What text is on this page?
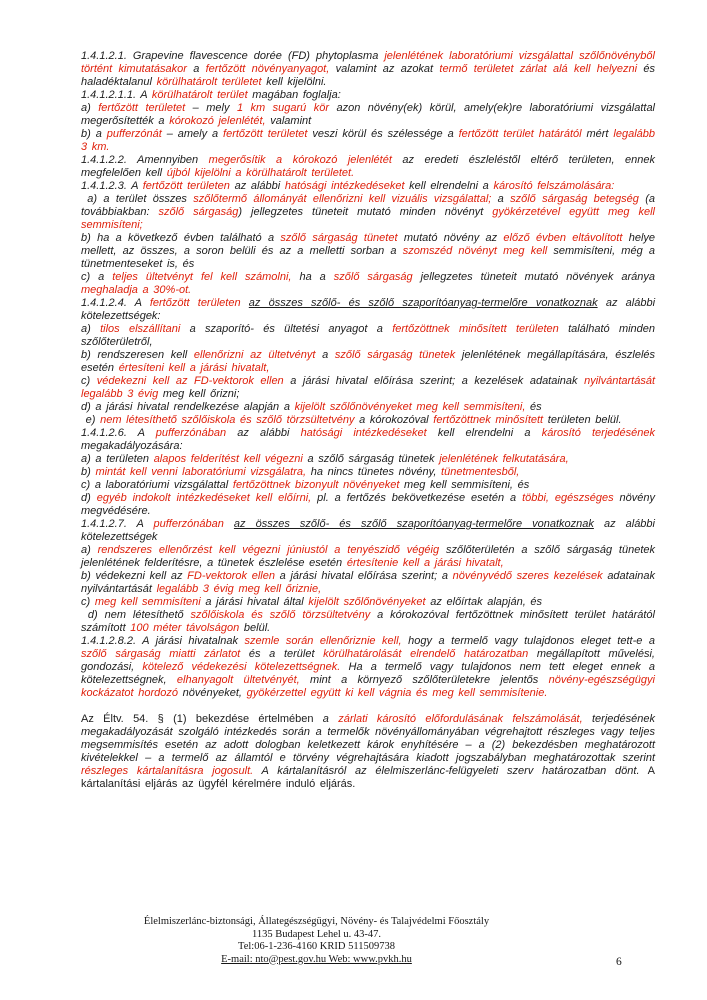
1.4.1.2.1. Grapevine flavescence dorée (FD) phytoplasma jelenlétének laboratóriumi vizsgálattal szőlőnövényből történt kimutatásakor a fertőzött növényanyagot, valamint az azokat termő területet zárlat alá kell helyezni és haladéktalanul körülhatárolt területet kell kijelölni.

1.4.1.2.1.1. A körülhatárolt terület magában foglalja:

a) fertőzött területet – mely 1 km sugarú kör azon növény(ek) körül, amely(ek)re laboratóriumi vizsgálattal megerősítették a kórokozó jelenlétét, valamint

b) a pufferzónát – amely a fertőzött területet veszi körül és szélessége a fertőzött terület határától mért legalább 3 km.

1.4.1.2.2. Amennyiben megerősítik a kórokozó jelenlétét az eredeti észleléstől eltérő területen, ennek megfelelően kell újból kijelölni a körülhatárolt területet.

1.4.1.2.3. A fertőzött területen az alábbi hatósági intézkedéseket kell elrendelni a károsító felszámolására:

a) a terület összes szőlőtermő állományát ellenőrizni kell vizuális vizsgálattal; a szőlő sárgaság betegség (a továbbiakban: szőlő sárgaság) jellegzetes tüneteit mutató minden növényt gyökérzetével együtt meg kell semmisíteni;

b) ha a következő évben található a szőlő sárgaság tünetet mutató növény az előző évben eltávolított helye mellett, az összes, a soron belüli és az a melletti sorban a szomszéd növényt meg kell semmisíteni, még a tünetmenteseket is, és

c) a teljes ültetvényt fel kell számolni, ha a szőlő sárgaság jellegzetes tüneteit mutató növények aránya meghaladja a 30%-ot.

1.4.1.2.4. A fertőzött területen az összes szőlő- és szőlő szaporítóanyag-termelőre vonatkoznak az alábbi kötelezettségek:

a) tilos elszállítani a szaporító- és ültetési anyagot a fertőzöttnek minősített területen található minden szőlőterületről,

b) rendszeresen kell ellenőrizni az ültetvényt a szőlő sárgaság tünetek jelenlétének megállapítására, észlelés esetén értesíteni kell a járási hivatalt,

c) védekezni kell az FD-vektorok ellen a járási hivatal előírása szerint; a kezelések adatainak nyilvántartását legalább 3 évig meg kell őrizni;

d) a járási hivatal rendelkezése alapján a kijelölt szőlőnövényeket meg kell semmisíteni, és

e) nem létesíthető szőlőiskola és szőlő törzsültetvény a kórokozóval fertőzöttnek minősített területen belül.

1.4.1.2.6. A pufferzónában az alábbi hatósági intézkedéseket kell elrendelni a károsító terjedésének megakadályozására:

a) a területen alapos felderítést kell végezni a szőlő sárgaság tünetek jelenlétének felkutatására,

b) mintát kell venni laboratóriumi vizsgálatra, ha nincs tünetes növény, tünetmentesből,

c) a laboratóriumi vizsgálattal fertőzöttnek bizonyult növényeket meg kell semmisíteni, és

d) egyéb indokolt intézkedéseket kell előírni, pl. a fertőzés bekövetkezése esetén a többi, egészséges növény megvédésére.

1.4.1.2.7. A pufferzónában az összes szőlő- és szőlő szaporítóanyag-termelőre vonatkoznak az alábbi kötelezettségek

a) rendszeres ellenőrzést kell végezni júniustól a tenyészidő végéig szőlőterületén a szőlő sárgaság tünetek jelenlétének felderítésre, a tünetek észlelése esetén értesítenie kell a járási hivatalt,

b) védekezni kell az FD-vektorok ellen a járási hivatal előírása szerint; a növényvédő szeres kezelések adatainak nyilvántartását legalább 3 évig meg kell őriznie,

c) meg kell semmisíteni a járási hivatal által kijelölt szőlőnövényeket az előírtak alapján, és

d) nem létesíthető szőlőiskola és szőlő törzsültetvény a kórokozóval fertőzöttnek minősített terület határától számított 100 méter távolságon belül.

1.4.1.2.8.2. A járási hivatalnak szemle során ellenőriznie kell, hogy a termelő vagy tulajdonos eleget tett-e a szőlő sárgaság miatti zárlatot és a terület körülhatárolását elrendelő határozatban megállapított művelési, gondozási, kötelező védekezési kötelezettségnek. Ha a termelő vagy tulajdonos nem tett eleget ennek a kötelezettségnek, elhanyagolt ültetvényét, mint a környező szőlőterületekre jelentős növény-egészségügyi kockázatot hordozó növényeket, gyökérzettel együtt ki kell vágnia és meg kell semmisítenie.

Az Éltv. 54. § (1) bekezdése értelmében a zárlati károsító előfordulásának felszámolását, terjedésének megakadályozását szolgáló intézkedés során a termelők növényállományában végrehajtott részleges vagy teljes megsemmisítés esetén az adott dologban keletkezett károk enyhítésére – a (2) bekezdésben meghatározott kivételekkel – a termelő az államtól e törvény végrehajtására kiadott jogszabályban meghatározottak szerint részleges kártalanításra jogosult. A kártalanításról az élelmiszerlánc-felügyeleti szerv határozatban dönt. A kártalanítási eljárás az ügyfél kérelmére induló eljárás.

Élelmiszerlánc-biztonsági, Állategészségügyi, Növény- és Talajvédelmi Főosztály
1135 Budapest Lehel u. 43-47.
Tel:06-1-236-4160 KRID 511509738
E-mail: nto@pest.gov.hu Web: www.pvkh.hu	6
